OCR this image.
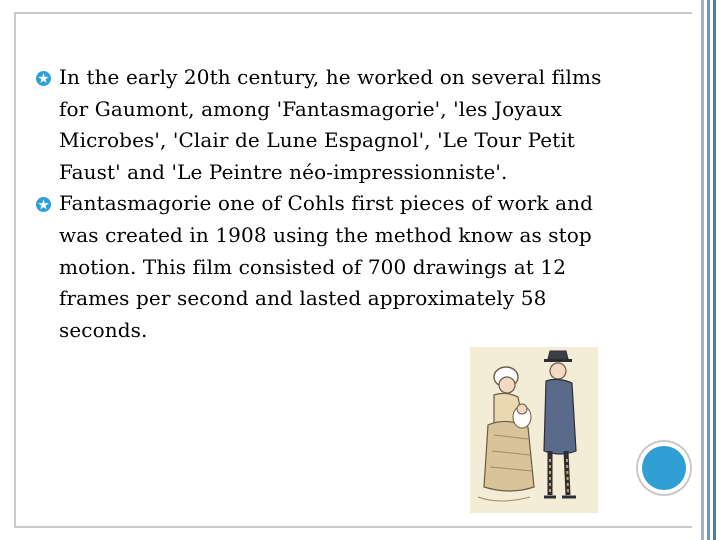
In the early 20th century, he worked on several films for Gaumont, among 'Fantasmagorie', 'les Joyaux Microbes', 'Clair de Lune Espagnol', 'Le Tour Petit Faust' and 'Le Peintre néo-impressionniste'.
Fantasmagorie one of Cohls first pieces of work and was created in 1908 using the method know as stop motion. This film consisted of 700 drawings at 12 frames per second and lasted approximately 58 seconds.
